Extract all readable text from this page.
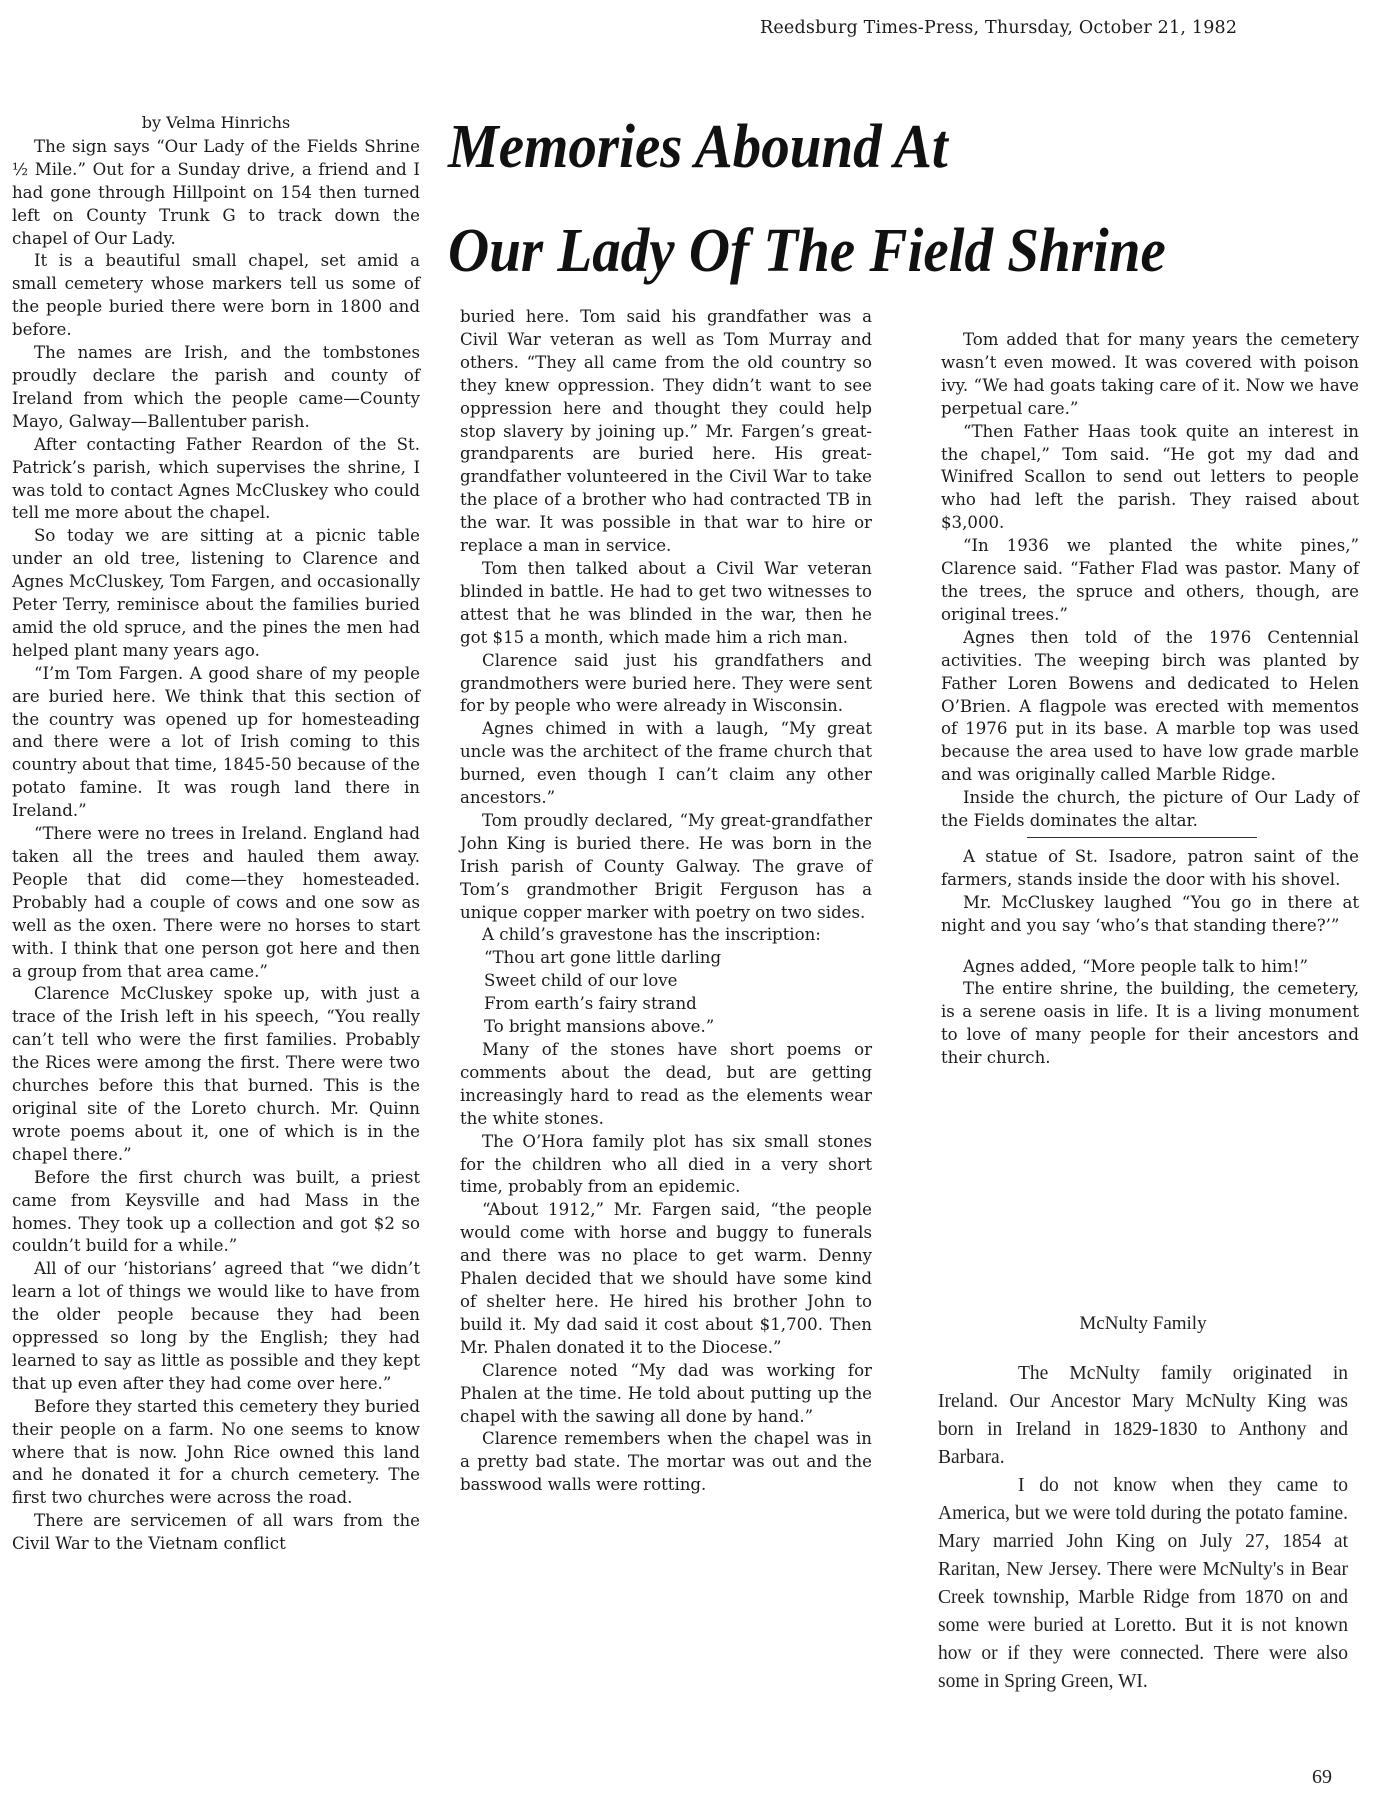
Reedsburg Times-Press, Thursday, October 21, 1982
Memories Abound At
Our Lady Of The Field Shrine

by Velma Hinrichs

The sign says “Our Lady of the Fields Shrine ½ Mile.” Out for a Sunday drive, a friend and I had gone through Hillpoint on 154 then turned left on County Trunk G to track down the chapel of Our Lady.

It is a beautiful small chapel, set amid a small cemetery whose markers tell us some of the people buried there were born in 1800 and before.

The names are Irish, and the tombstones proudly declare the parish and county of Ireland from which the people came—County Mayo, Galway—Ballentuber parish.

After contacting Father Reardon of the St. Patrick’s parish, which supervises the shrine, I was told to contact Agnes McCluskey who could tell me more about the chapel.

So today we are sitting at a picnic table under an old tree, listening to Clarence and Agnes McCluskey, Tom Fargen, and occasionally Peter Terry, reminisce about the families buried amid the old spruce, and the pines the men had helped plant many years ago.

“I’m Tom Fargen. A good share of my people are buried here. We think that this section of the country was opened up for homesteading and there were a lot of Irish coming to this country about that time, 1845-50 because of the potato famine. It was rough land there in Ireland.”

“There were no trees in Ireland. England had taken all the trees and hauled them away. People that did come—they homesteaded. Probably had a couple of cows and one sow as well as the oxen. There were no horses to start with. I think that one person got here and then a group from that area came.”

Clarence McCluskey spoke up, with just a trace of the Irish left in his speech, “You really can’t tell who were the first families. Probably the Rices were among the first. There were two churches before this that burned. This is the original site of the Loreto church. Mr. Quinn wrote poems about it, one of which is in the chapel there.”

Before the first church was built, a priest came from Keysville and had Mass in the homes. They took up a collection and got $2 so couldn’t build for a while.”

All of our ‘historians’ agreed that “we didn’t learn a lot of things we would like to have from the older people because they had been oppressed so long by the English; they had learned to say as little as possible and they kept that up even after they had come over here.”

Before they started this cemetery they buried their people on a farm. No one seems to know where that is now. John Rice owned this land and he donated it for a church cemetery. The first two churches were across the road.

There are servicemen of all wars from the Civil War to the Vietnam conflict

buried here. Tom said his grandfather was a Civil War veteran as well as Tom Murray and others. “They all came from the old country so they knew oppression. They didn’t want to see oppression here and thought they could help stop slavery by joining up.” Mr. Fargen’s great-grandparents are buried here. His great-grandfather volunteered in the Civil War to take the place of a brother who had contracted TB in the war. It was possible in that war to hire or replace a man in service.

Tom then talked about a Civil War veteran blinded in battle. He had to get two witnesses to attest that he was blinded in the war, then he got $15 a month, which made him a rich man.

Clarence said just his grandfathers and grandmothers were buried here. They were sent for by people who were already in Wisconsin.

Agnes chimed in with a laugh, “My great uncle was the architect of the frame church that burned, even though I can’t claim any other ancestors.”

Tom proudly declared, “My great-grandfather John King is buried there. He was born in the Irish parish of County Galway. The grave of Tom’s grandmother Brigit Ferguson has a unique copper marker with poetry on two sides.

A child’s gravestone has the inscription:

“Thou art gone little darling
Sweet child of our love
From earth’s fairy strand
To bright mansions above.”

Many of the stones have short poems or comments about the dead, but are getting increasingly hard to read as the elements wear the white stones.

The O’Hora family plot has six small stones for the children who all died in a very short time, probably from an epidemic.

“About 1912,” Mr. Fargen said, “the people would come with horse and buggy to funerals and there was no place to get warm. Denny Phalen decided that we should have some kind of shelter here. He hired his brother John to build it. My dad said it cost about $1,700. Then Mr. Phalen donated it to the Diocese.”

Clarence noted “My dad was working for Phalen at the time. He told about putting up the chapel with the sawing all done by hand.”

Clarence remembers when the chapel was in a pretty bad state. The mortar was out and the basswood walls were rotting.

Tom added that for many years the cemetery wasn’t even mowed. It was covered with poison ivy. “We had goats taking care of it. Now we have perpetual care.”

“Then Father Haas took quite an interest in the chapel,” Tom said. “He got my dad and Winifred Scallon to send out letters to people who had left the parish. They raised about $3,000.

“In 1936 we planted the white pines,” Clarence said. “Father Flad was pastor. Many of the trees, the spruce and others, though, are original trees.”

Agnes then told of the 1976 Centennial activities. The weeping birch was planted by Father Loren Bowens and dedicated to Helen O’Brien. A flagpole was erected with mementos of 1976 put in its base. A marble top was used because the area used to have low grade marble and was originally called Marble Ridge.

Inside the church, the picture of Our Lady of the Fields dominates the altar.

A statue of St. Isadore, patron saint of the farmers, stands inside the door with his shovel.

Mr. McCluskey laughed “You go in there at night and you say ‘who’s that standing there?’”

Agnes added, “More people talk to him!”

The entire shrine, the building, the cemetery, is a serene oasis in life. It is a living monument to love of many people for their ancestors and their church.

McNulty Family

The McNulty family originated in Ireland. Our Ancestor Mary McNulty King was born in Ireland in 1829-1830 to Anthony and Barbara.

I do not know when they came to America, but we were told during the potato famine. Mary married John King on July 27, 1854 at Raritan, New Jersey. There were McNulty's in Bear Creek township, Marble Ridge from 1870 on and some were buried at Loretto. But it is not known how or if they were connected. There were also some in Spring Green, WI.

69
